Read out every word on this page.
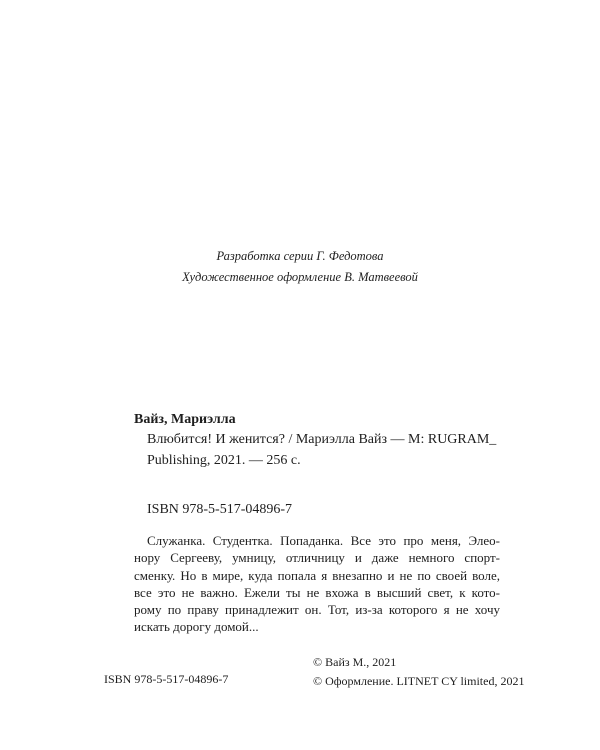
Разработка серии Г. Федотова
Художественное оформление В. Матвеевой

Вайз, Мариэлла

Влюбится! И женится? / Мариэлла Вайз — М: RUGRAM_

Publishing, 2021. — 256 с.

ISBN 978-5-517-04896-7

Служанка. Студентка. Попаданка. Все это про меня, Элео-

нору Сергееву, умницу, отличницу и даже немного спорт-

сменку. Но в мире, куда попала я внезапно и не по своей воле,

все это не важно. Ежели ты не вхожа в высший свет, к кото-

рому по праву принадлежит он. Тот, из-за которого я не хочу

искать дорогу домой...

ISBN 978-5-517-04896-7

© Вайз М., 2021

© Оформление. LITNET CY limited, 2021
